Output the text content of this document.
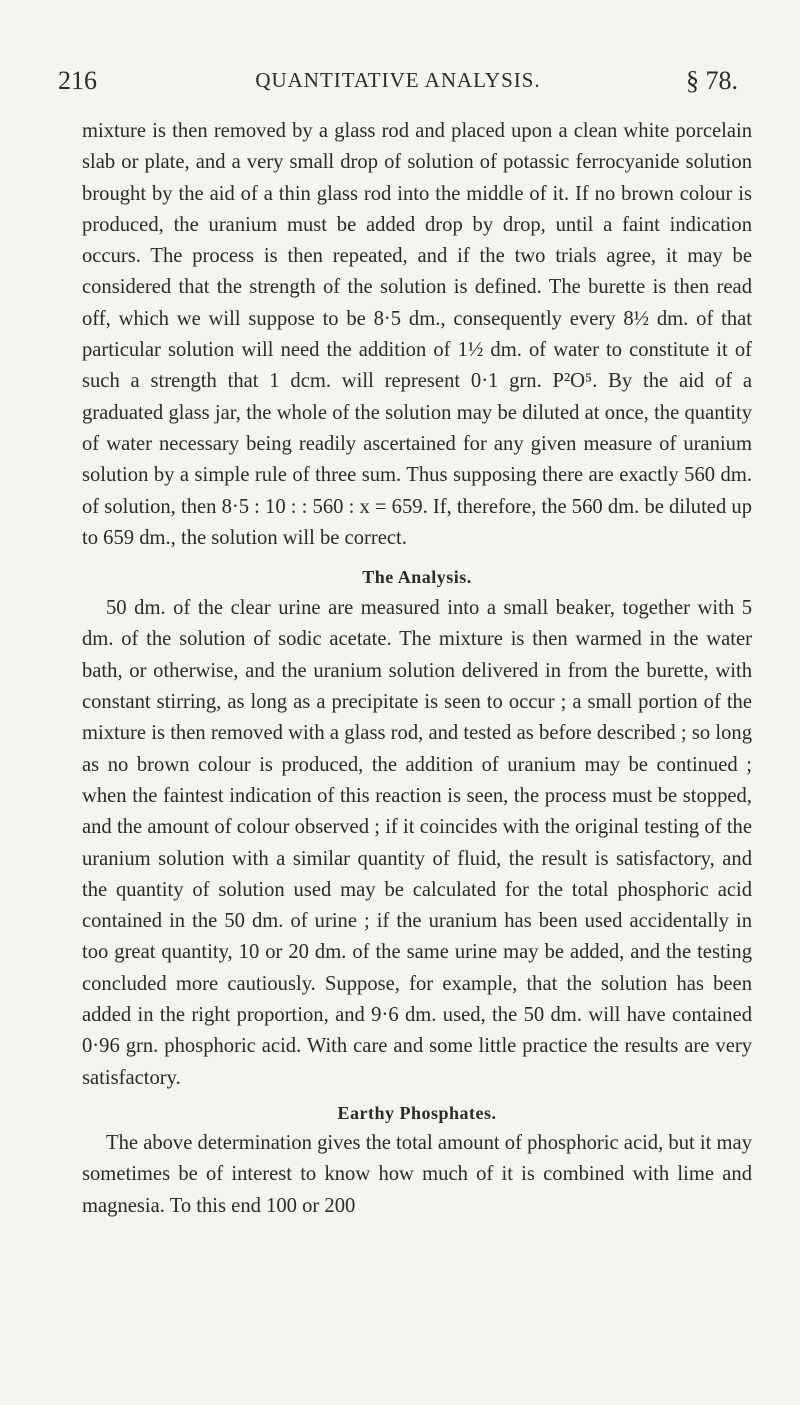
216	QUANTITATIVE ANALYSIS.	§ 78.

mixture is then removed by a glass rod and placed upon a clean white porcelain slab or plate, and a very small drop of solution of potassic ferrocyanide solution brought by the aid of a thin glass rod into the middle of it. If no brown colour is produced, the uranium must be added drop by drop, until a faint indication occurs. The process is then repeated, and if the two trials agree, it may be considered that the strength of the solution is defined. The burette is then read off, which we will suppose to be 8·5 dm., consequently every 8½ dm. of that particular solution will need the addition of 1½ dm. of water to constitute it of such a strength that 1 dcm. will represent 0·1 grn. P²O⁵. By the aid of a graduated glass jar, the whole of the solution may be diluted at once, the quantity of water necessary being readily ascertained for any given measure of uranium solution by a simple rule of three sum. Thus supposing there are exactly 560 dm. of solution, then 8·5 : 10 : : 560 : x = 659. If, therefore, the 560 dm. be diluted up to 659 dm., the solution will be correct.

The Analysis.

50 dm. of the clear urine are measured into a small beaker, together with 5 dm. of the solution of sodic acetate. The mixture is then warmed in the water bath, or otherwise, and the uranium solution delivered in from the burette, with constant stirring, as long as a precipitate is seen to occur ; a small portion of the mixture is then removed with a glass rod, and tested as before described ; so long as no brown colour is produced, the addition of uranium may be continued ; when the faintest indication of this reaction is seen, the process must be stopped, and the amount of colour observed ; if it coincides with the original testing of the uranium solution with a similar quantity of fluid, the result is satisfactory, and the quantity of solution used may be calculated for the total phosphoric acid contained in the 50 dm. of urine ; if the uranium has been used accidentally in too great quantity, 10 or 20 dm. of the same urine may be added, and the testing concluded more cautiously. Suppose, for example, that the solution has been added in the right proportion, and 9·6 dm. used, the 50 dm. will have contained 0·96 grn. phosphoric acid. With care and some little practice the results are very satisfactory.

Earthy Phosphates.

The above determination gives the total amount of phosphoric acid, but it may sometimes be of interest to know how much of it is combined with lime and magnesia. To this end 100 or 200
